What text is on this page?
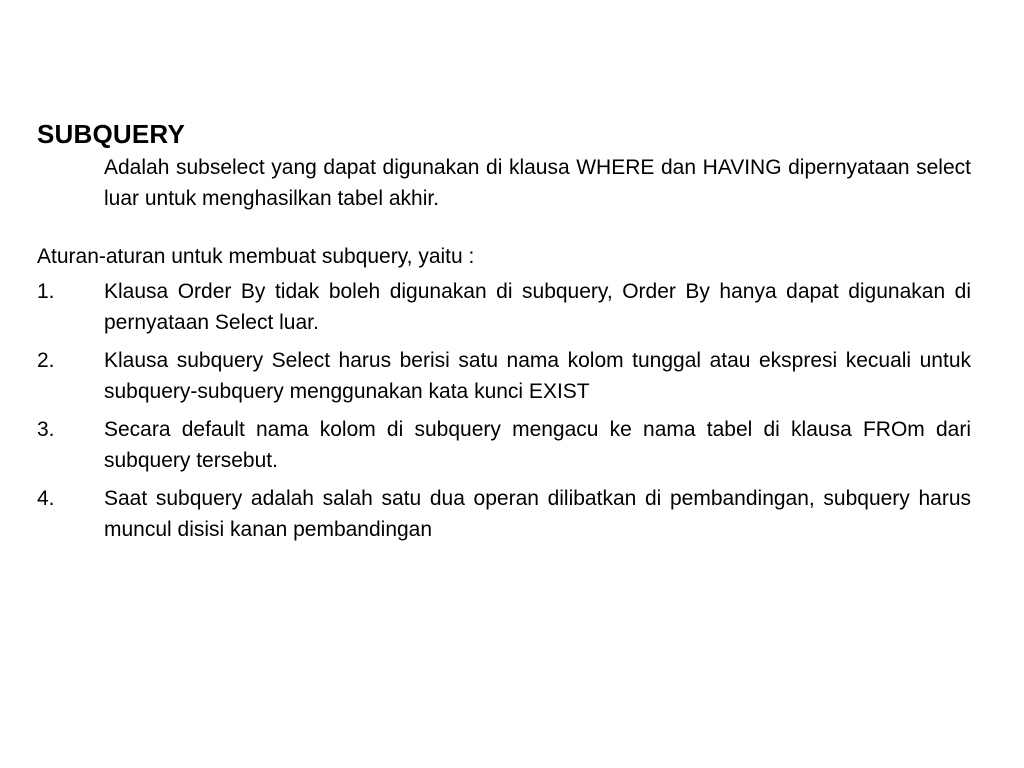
SUBQUERY

Adalah subselect yang dapat digunakan di klausa WHERE dan HAVING dipernyataan select luar untuk menghasilkan tabel akhir.

Aturan-aturan untuk membuat subquery, yaitu :

1.	Klausa Order By tidak boleh digunakan di subquery, Order By hanya dapat digunakan di pernyataan Select luar.
2.	Klausa subquery Select harus berisi satu nama kolom tunggal atau ekspresi kecuali untuk subquery-subquery menggunakan kata kunci EXIST
3.	Secara default nama kolom di subquery mengacu ke nama tabel di klausa FROm dari subquery tersebut.
4.	Saat subquery adalah salah satu dua operan dilibatkan di pembandingan, subquery harus muncul disisi kanan pembandingan
